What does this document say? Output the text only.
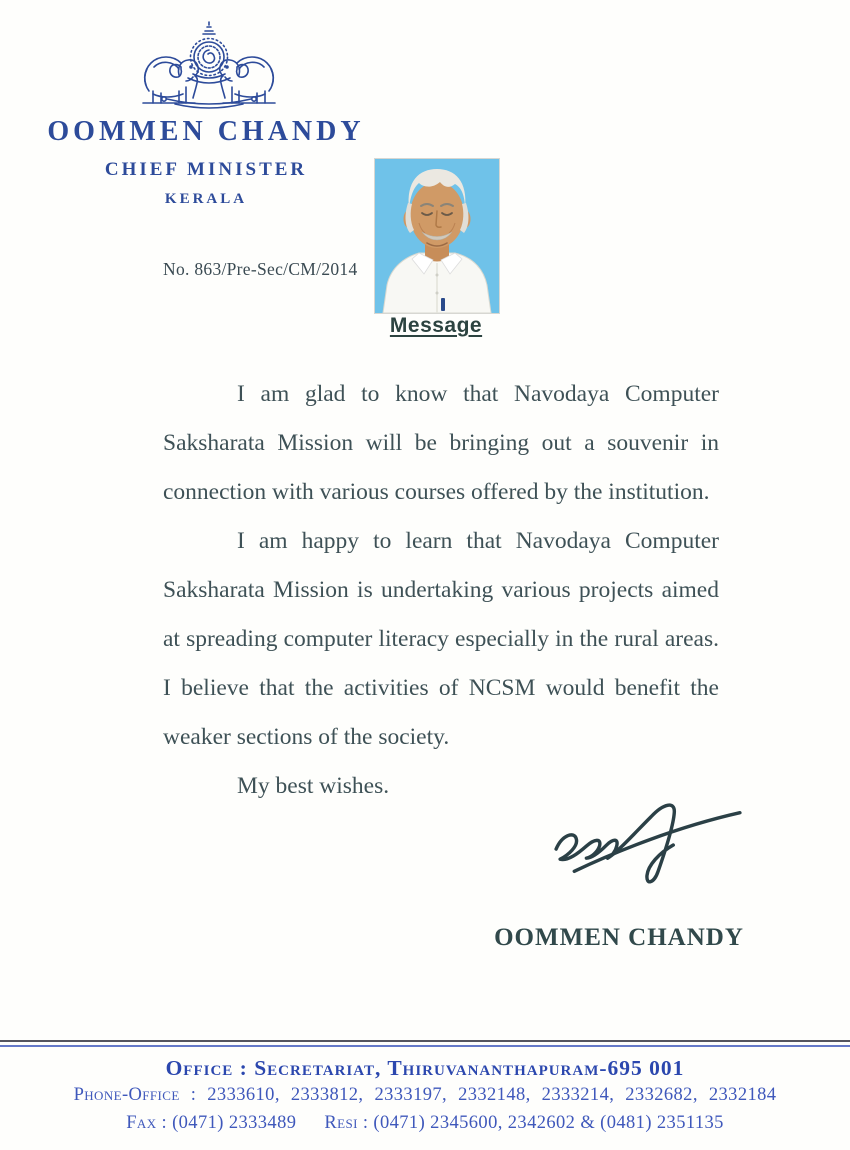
OOMMEN CHANDY
CHIEF MINISTER
KERALA
No. 863/Pre-Sec/CM/2014
Message

I am glad to know that Navodaya Computer Saksharata Mission will be bringing out a souvenir in connection with various courses offered by the institution.

I am happy to learn that Navodaya Computer Saksharata Mission is undertaking various projects aimed at spreading computer literacy especially in the rural areas. I believe that the activities of NCSM would benefit the weaker sections of the society.

My best wishes.

OOMMEN CHANDY
Office : Secretariat, Thiruvananthapuram-695 001
Phone-Office : 2333610, 2333812, 2333197, 2332148, 2333214, 2332682, 2332184
Fax : (0471) 2333489 Resi : (0471) 2345600, 2342602 & (0481) 2351135
